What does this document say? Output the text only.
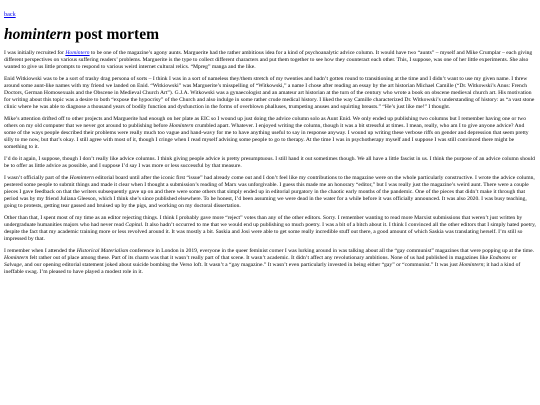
back
homintern post mortem

I was initially recruited for Homintern to be one of the magazine’s agony aunts. Marguerite had the rather ambitious idea for a kind of psychoanalytic advice column. It would have two “aunts” – myself and Mike Crumplar – each giving different perspectives on various suffering readers’ problems. Marguerite is the type to collect different characters and put them together to see how they counteract each other. This, I suppose, was one of her little experiments. She also wanted to give us little prompts to respond to various weird internet cultural relics. “Mpreg” manga and the like.

Enid Witkiowski was to be a sort of trashy drag persona of sorts – I think I was in a sort of nameless they/them stretch of my twenties and hadn’t gotten round to transitioning at the time and I didn’t want to use my given name. I threw around some aunt-like names with my friend we landed on Enid. “Witkiowski” was Marguerite’s misspelling of “Witkowski,” a name I chose after reading an essay by the art historian Michael Camille (“Dr. Witkowski’s Anus: French Doctors, German Homosexuals and the Obscene in Medieval Church Art”). G.J.A. Witkowski was a gynaecologist and an amateur art historian at the turn of the century who wrote a book on obscene medieval church art. His motivation for writing about this topic was a desire to both “expose the hypocrisy” of the Church and also indulge in some rather crude medical history. I liked the way Camille characterized Dr. Witkowski’s understanding of history: as “a vast stone clinic where he was able to diagnose a thousand years of bodily function and dysfunction in the forms of overblown phalluses, trumpeting anuses and squirting breasts.” “He’s just like me!” I thought.

Mike’s attention drifted off to other projects and Marguerite had enough on her plate as EIC so I wound up just doing the advice column solo as Aunt Enid. We only ended up publishing two columns but I remember having one or two others on my old computer that we never got around to publishing before Homintern crumbled apart. Whatever. I enjoyed writing the column, though it was a bit stressful at times. I mean, really, who am I to give anyone advice? And some of the ways people described their problems were really much too vague and hand-wavy for me to have anything useful to say in response anyway. I wound up writing these verbose riffs on gender and depression that seem pretty silly to me now, but that’s okay. I still agree with most of it, though I cringe when I read myself advising some people to go to therapy. At the time I was in psychotherapy myself and I suppose I was still convinced there might be something to it.

I’d do it again, I suppose, though I don’t really like advice columns. I think giving people advice is pretty presumptuous. I still hand it out sometimes though. We all have a little fascist in us. I think the purpose of an advice column should be to offer as little advice as possible, and I suppose I’d say I was more or less successful by that measure.

I wasn’t officially part of the Homintern editorial board until after the iconic first “issue” had already come out and I don’t feel like my contributions to the magazine were on the whole particularly constructive. I wrote the advice column, pestered some people to submit things and made it clear when I thought a submission’s reading of Marx was unforgivable. I guess this made me an honorary “editor,” but I was really just the magazine’s weird aunt. There were a couple pieces I gave feedback on that the writers subsequently gave up on and there were some others that simply ended up in editorial purgatory in the chaotic early months of the pandemic. One of the pieces that didn’t make it through that period was by my friend Juliana Gleeson, which I think she’s since published elsewhere. To be honest, I’d been assuming we were dead in the water for a while before it was officially announced. It was also 2020. I was busy teaching, going to protests, getting tear gassed and bruised up by the pigs, and working on my doctoral dissertation.

Other than that, I spent most of my time as an editor rejecting things. I think I probably gave more “reject” votes than any of the other editors. Sorry. I remember wanting to read more Marxist submissions that weren’t just written by undergraduate humanities majors who had never read Capital. It also hadn’t occurred to me that we would end up publishing so much poetry. I was a bit of a bitch about it. I think I convinced all the other editors that I simply hated poetry, despite the fact that my academic training more or less revolved around it. It was mostly a bit. Saskia and Josi were able to get some really incredible stuff out there, a good amount of which Saskia was translating herself. I’m still so impressed by that.

I remember when I attended the Historical Materialism conference in London in 2019, everyone in the queer feminist corner I was lurking around in was talking about all the “gay communist” magazines that were popping up at the time. Homintern felt rather out of place among these. Part of its charm was that it wasn’t really part of that scene. It wasn’t academic. It didn’t affect any revolutionary ambitions. None of us had published in magazines like Endnotes or Salvage, and our opening editorial statement joked about suicide bombing the Verso loft. It wasn’t a “gay magazine.” It wasn’t even particularly invested in being either “gay” or “communist.” It was just Homintern; it had a kind of ineffable swag. I’m pleased to have played a modest role in it.
